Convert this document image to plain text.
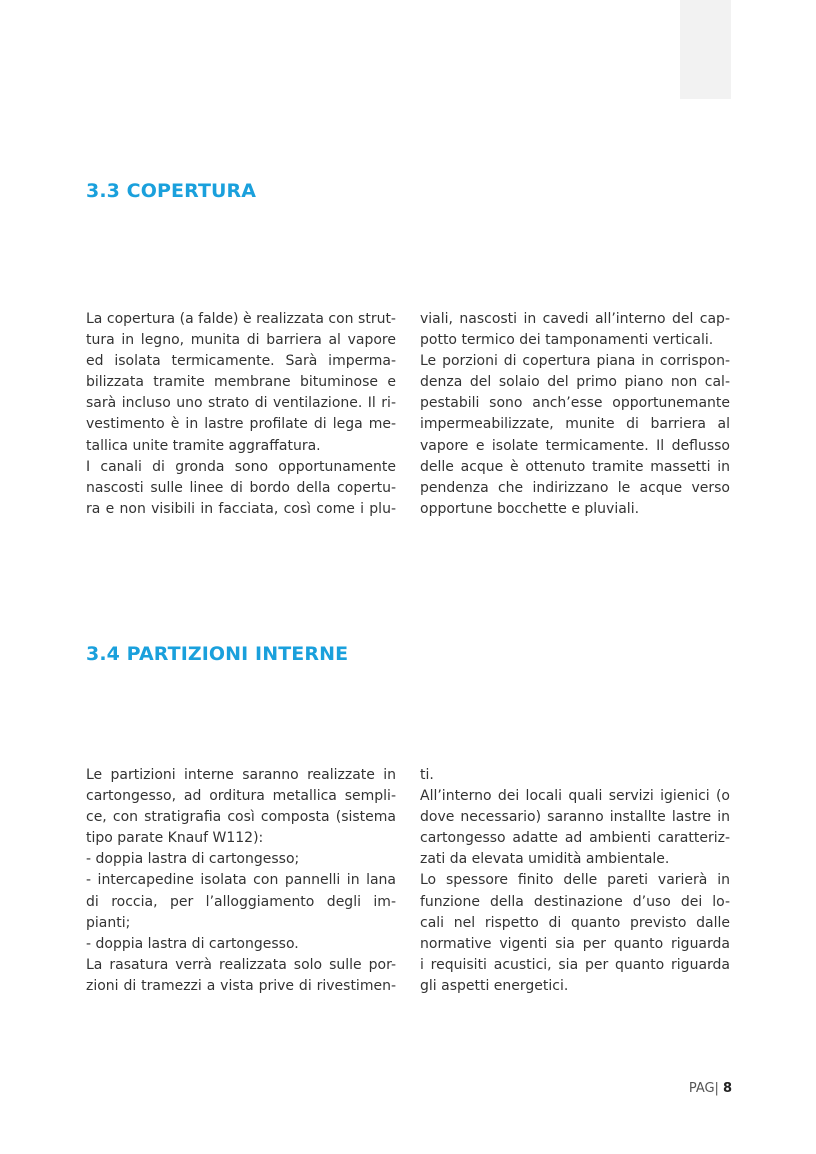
3.3 COPERTURA
La copertura (a falde) è realizzata con strut-
tura in legno, munita di barriera al vapore
ed isolata termicamente. Sarà imperma-
bilizzata tramite membrane bituminose e
sarà incluso uno strato di ventilazione. Il ri-
vestimento è in lastre profilate di lega me-
tallica unite tramite aggraffatura.
I canali di gronda sono opportunamente
nascosti sulle linee di bordo della copertu-
ra e non visibili in facciata, così come i plu-
viali, nascosti in cavedi all’interno del cap-
potto termico dei tamponamenti verticali.
Le porzioni di copertura piana in corrispon-
denza del solaio del primo piano non cal-
pestabili sono anch’esse opportunemante
impermeabilizzate, munite di barriera al
vapore e isolate termicamente. Il deflusso
delle acque è ottenuto tramite massetti in
pendenza che indirizzano le acque verso
opportune bocchette e pluviali.
3.4 PARTIZIONI INTERNE
Le partizioni interne saranno realizzate in
cartongesso, ad orditura metallica sempli-
ce, con stratigrafia così composta (sistema
tipo parate Knauf W112):
- doppia lastra di cartongesso;
- intercapedine isolata con pannelli in lana
di roccia, per l’alloggiamento degli im-
pianti;
- doppia lastra di cartongesso.
La rasatura verrà realizzata solo sulle por-
zioni di tramezzi a vista prive di rivestimen-
ti.
All’interno dei locali quali servizi igienici (o
dove necessario) saranno installte lastre in
cartongesso adatte ad ambienti caratteriz-
zati da elevata umidità ambientale.
Lo spessore finito delle pareti varierà in
funzione della destinazione d’uso dei lo-
cali nel rispetto di quanto previsto dalle
normative vigenti sia per quanto riguarda
i requisiti acustici, sia per quanto riguarda
gli aspetti energetici.
PAG| 8
